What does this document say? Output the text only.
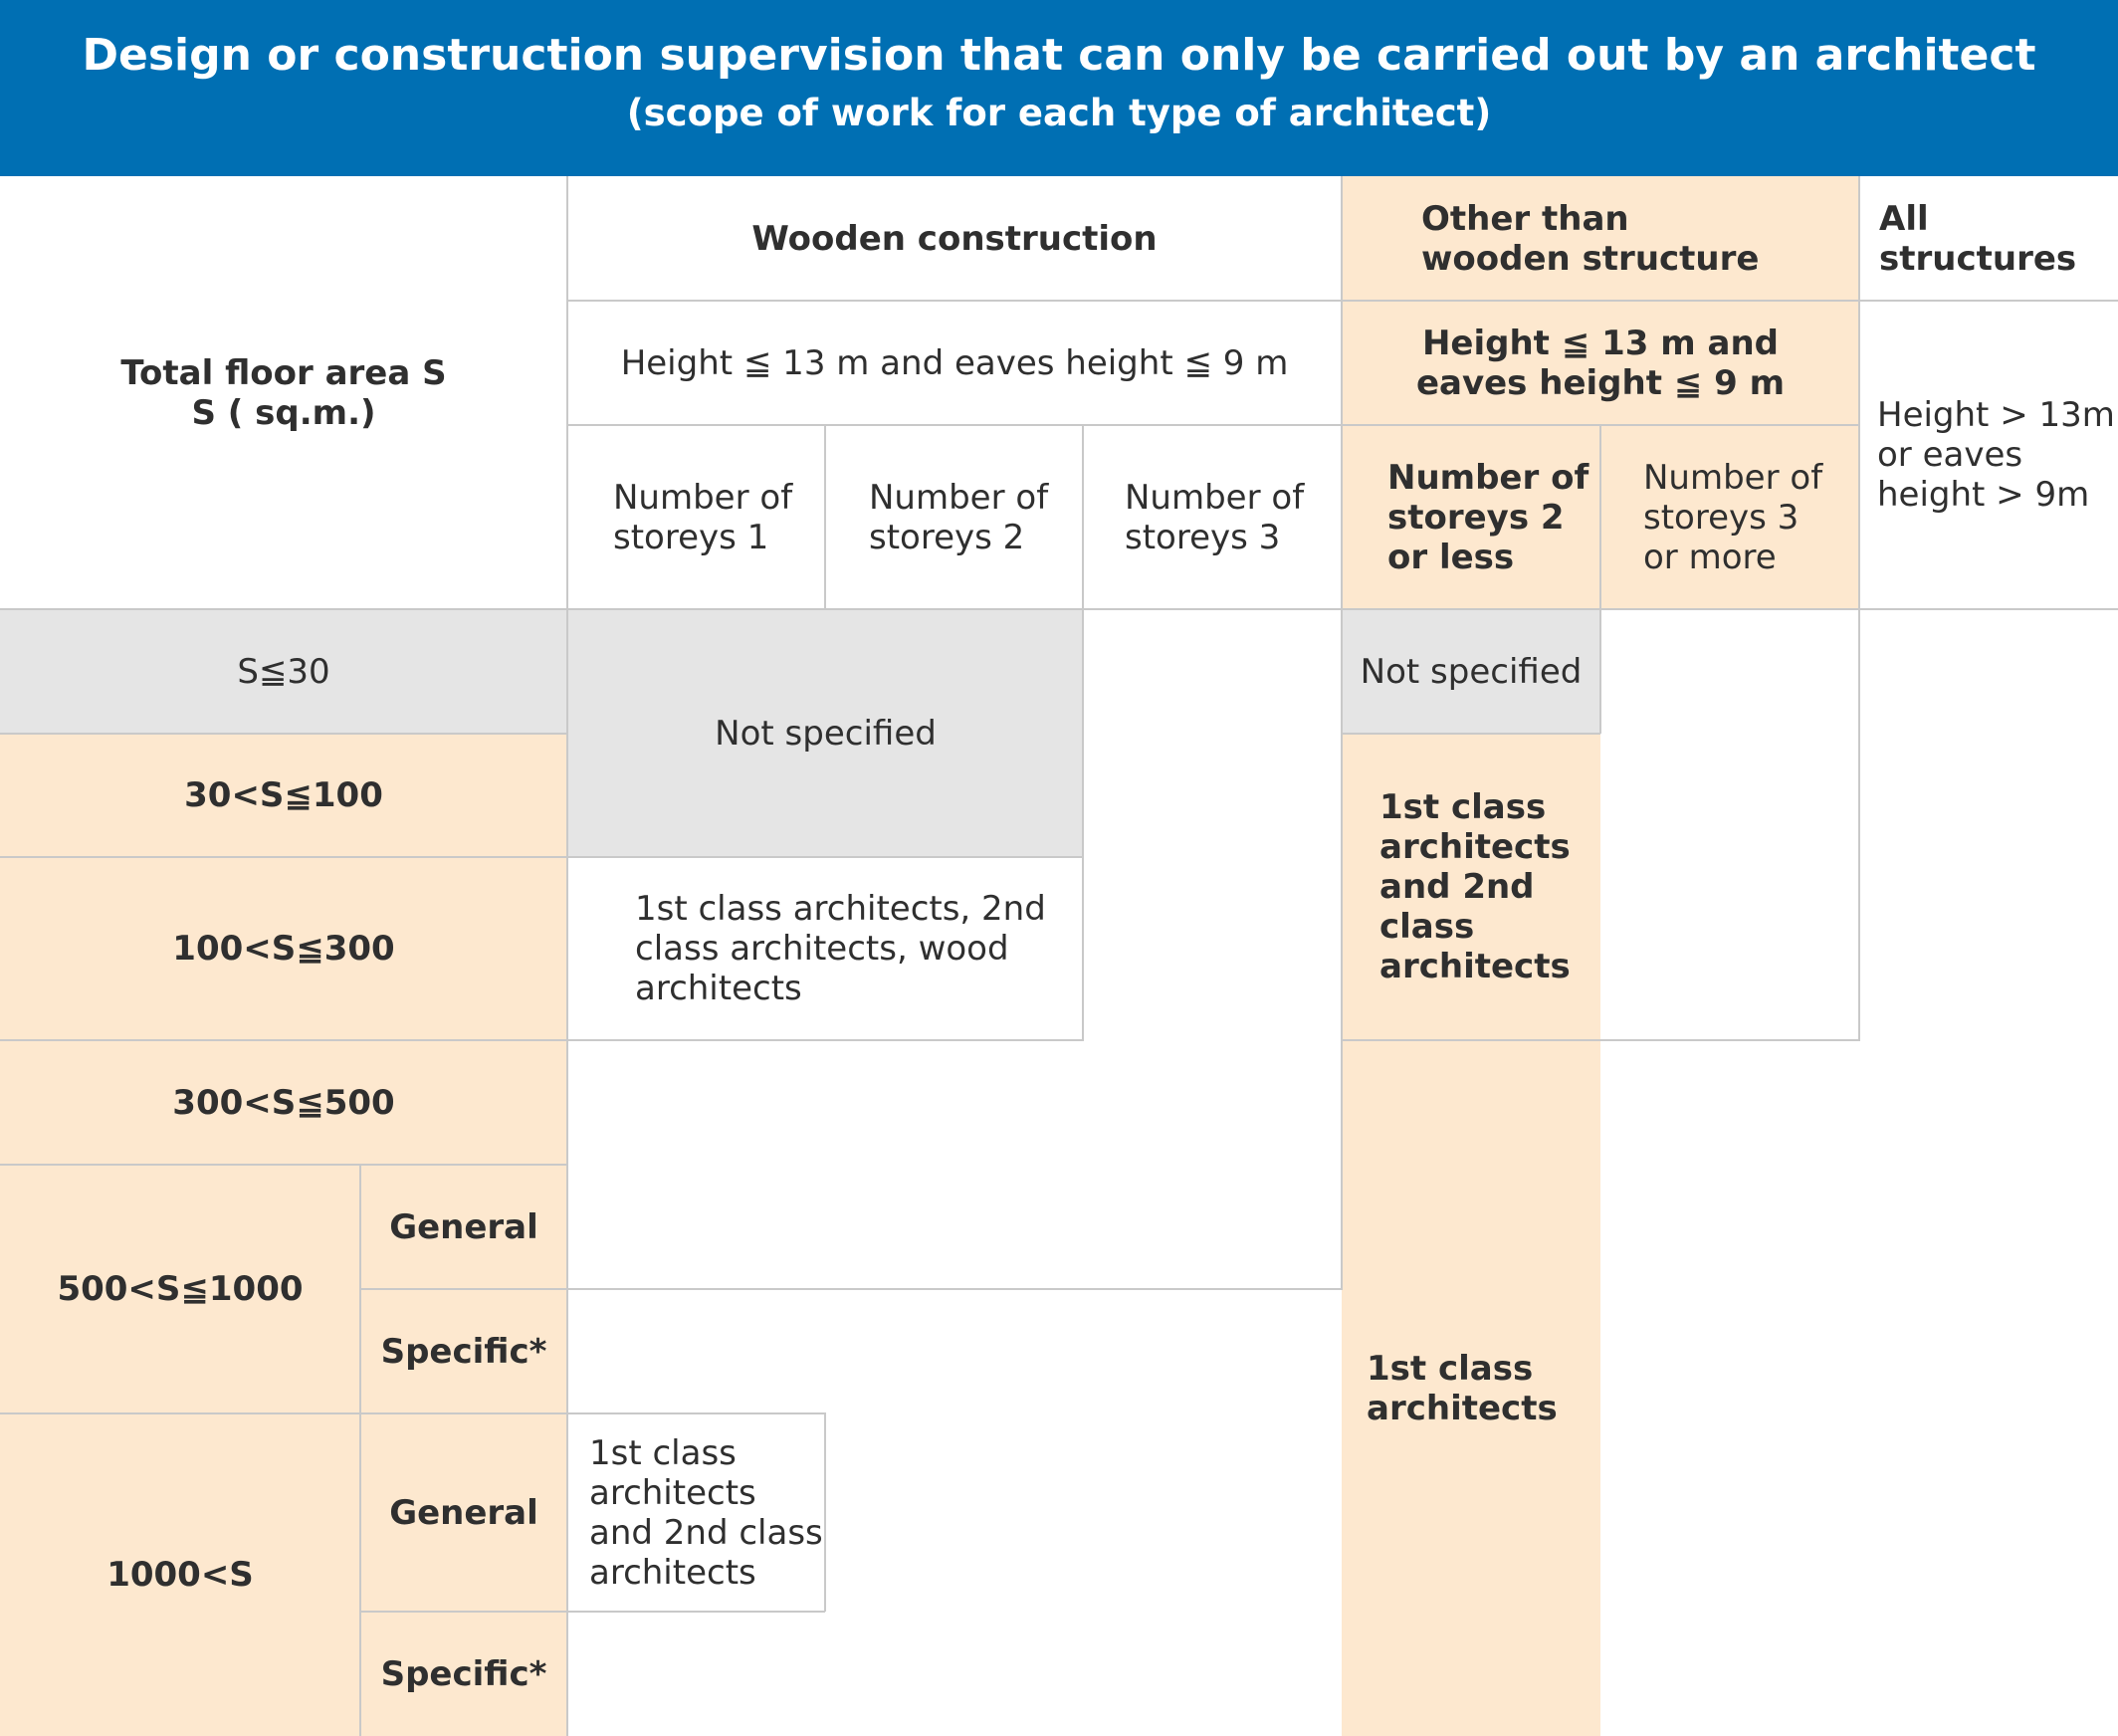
Design or construction supervision that can only be carried out by an architect
(scope of work for each type of architect)
Total floor area S
S ( sq.m.)
Wooden construction	Other than
wooden structure
All structures
Height ≦ 13 m and eaves height ≦ 9 m	Height ≦ 13 m and
eaves height ≦ 9 m
Height > 13m
or eaves
height > 9m
Number of
storeys 1
Number of
storeys 2
Number of
storeys 3
Number of
storeys 2
or less
Number of
storeys 3
or more
S≦30
30<S≦100
100<S≦300
300<S≦500
500<S≦1000
General
Specific*
1000<S
General
Specific*
Not specified
Not specified
1st class architects, 2nd
class architects, wood
architects
1st class
architects
and 2nd
class
architects
1st class
architects
1st class
architects
and 2nd class
architects
